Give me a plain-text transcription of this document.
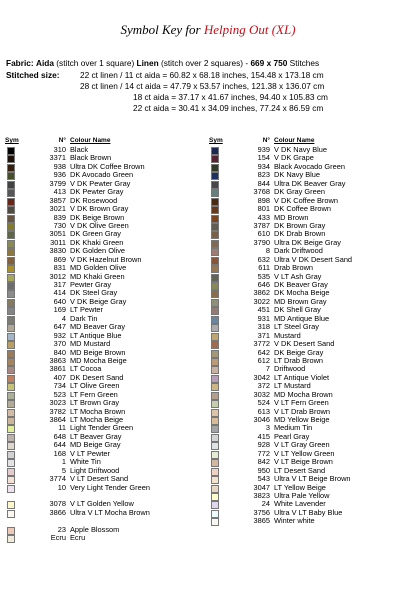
Symbol Key for Helping Out (XL)
Fabric: Aida (stitch over 1 square) Linen (stitch over 2 squares) - 669 x 750 Stitches
Stitched size: 22 ct linen / 11 ct aida = 60.82 x 68.18 inches, 154.48 x 173.18 cm
28 ct linen / 14 ct aida = 47.79 x 53.57 inches, 121.38 x 136.07 cm
18 ct aida = 37.17 x 41.67 inches, 94.40 x 105.83 cm
22 ct aida = 30.41 x 34.09 inches, 77.24 x 86.59 cm
Sym	N° Colour Name
310 Black
3371 Black Brown
938 Ultra DK Coffee Brown
936 DK Avocado Green
3799 V DK Pewter Gray
413 DK Pewter Gray
3857 DK Rosewood
3021 V DK Brown Gray
839 DK Beige Brown
730 V DK Olive Green
3051 DK Green Gray
3011 DK Khaki Green
3830 DK Golden Olive
869 V DK Hazelnut Brown
831 MD Golden Olive
3012 MD Khaki Green
317 Pewter Gray
414 DK Steel Gray
640 V DK Beige Gray
169 LT Pewter
4 Dark Tin
647 MD Beaver Gray
932 LT Antique Blue
370 MD Mustard
840 MD Beige Brown
3863 MD Mocha Beige
3861 LT Cocoa
407 DK Desert Sand
734 LT Olive Green
523 LT Fern Green
3023 LT Brown Gray
3782 LT Mocha Brown
3864 LT Mocha Beige
11 Light Tender Green
648 LT Beaver Gray
644 MD Beige Gray
168 V LT Pewter
1 White Tin
5 Light Driftwood
3774 V LT Desert Sand
10 Very Light Tender Green
3078 V LT Golden Yellow
3866 Ultra V LT Mocha Brown
23 Apple Blossom
Ecru Ecru
Sym	N° Colour Name
939 V DK Navy Blue
154 V DK Grape
934 Black Avocado Green
823 DK Navy Blue
844 Ultra DK Beaver Gray
3768 DK Gray Green
898 V DK Coffee Brown
801 DK Coffee Brown
433 MD Brown
3787 DK Brown Gray
610 DK Drab Brown
3790 Ultra DK Beige Gray
8 Dark Driftwood
632 Ultra V DK Desert Sand
611 Drab Brown
535 V LT Ash Gray
646 DK Beaver Gray
3862 DK Mocha Beige
3022 MD Brown Gray
451 DK Shell Gray
931 MD Antique Blue
318 LT Steel Gray
371 Mustard
3772 V DK Desert Sand
642 DK Beige Gray
612 LT Drab Brown
7 Driftwood
3042 LT Antique Violet
372 LT Mustard
3032 MD Mocha Brown
524 V LT Fern Green
613 V LT Drab Brown
3046 MD Yellow Beige
3 Medium Tin
415 Pearl Gray
928 V LT Gray Green
772 V LT Yellow Green
842 V LT Beige Brown
950 LT Desert Sand
543 Ultra V LT Beige Brown
3047 LT Yellow Beige
3823 Ultra Pale Yellow
24 White Lavender
3756 Ultra V LT Baby Blue
3865 Winter white
